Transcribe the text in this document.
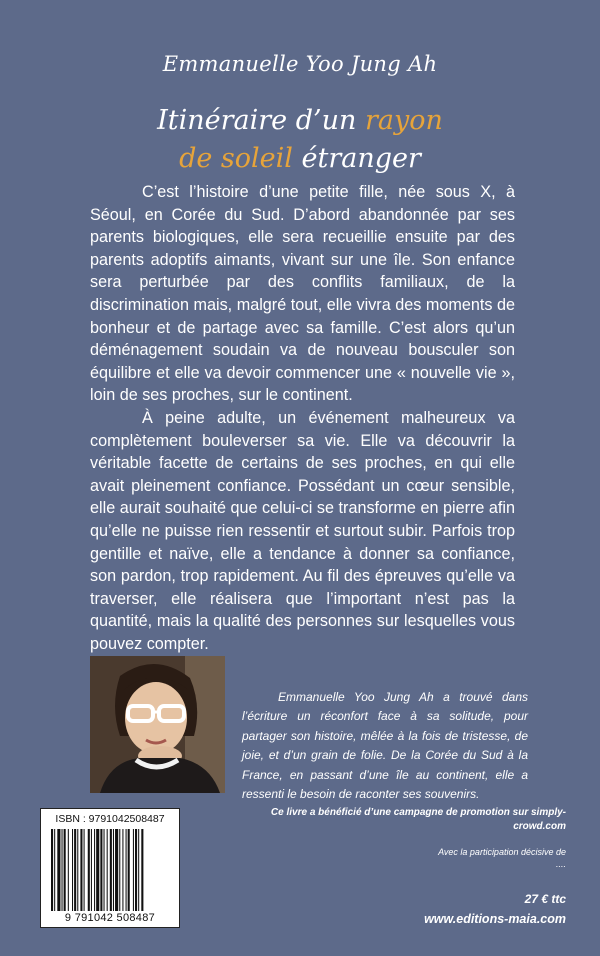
Emmanuelle Yoo Jung Ah
Itinéraire d’un rayon
de soleil étranger

C’est l’histoire d’une petite fille, née sous X, à Séoul, en Corée du Sud. D’abord abandonnée par ses parents biologiques, elle sera recueillie ensuite par des parents adoptifs aimants, vivant sur une île. Son enfance sera perturbée par des conflits familiaux, de la discrimination mais, malgré tout, elle vivra des moments de bonheur et de partage avec sa famille. C’est alors qu’un déménagement soudain va de nouveau bousculer son équilibre et elle va devoir commencer une « nouvelle vie », loin de ses proches, sur le continent.

À peine adulte, un événement malheureux va complètement bouleverser sa vie. Elle va découvrir la véritable facette de certains de ses proches, en qui elle avait pleinement confiance. Possédant un cœur sensible, elle aurait souhaité que celui-ci se transforme en pierre afin qu’elle ne puisse rien ressentir et surtout subir. Parfois trop gentille et naïve, elle a tendance à donner sa confiance, son pardon, trop rapidement. Au fil des épreuves qu’elle va traverser, elle réalisera que l’important n’est pas la quantité, mais la qualité des personnes sur lesquelles vous pouvez compter.

Emmanuelle Yoo Jung Ah a trouvé dans l’écriture un réconfort face à sa solitude, pour partager son histoire, mêlée à la fois de tristesse, de joie, et d’un grain de folie. De la Corée du Sud à la France, en passant d’une île au continent, elle a ressenti le besoin de raconter ses souvenirs.

ISBN : 9791042508487
9 791042 508487
Ce livre a bénéficié d’une campagne de promotion sur simply-crowd.com
Avec la participation décisive de
....
27 € ttc
www.editions-maia.com
